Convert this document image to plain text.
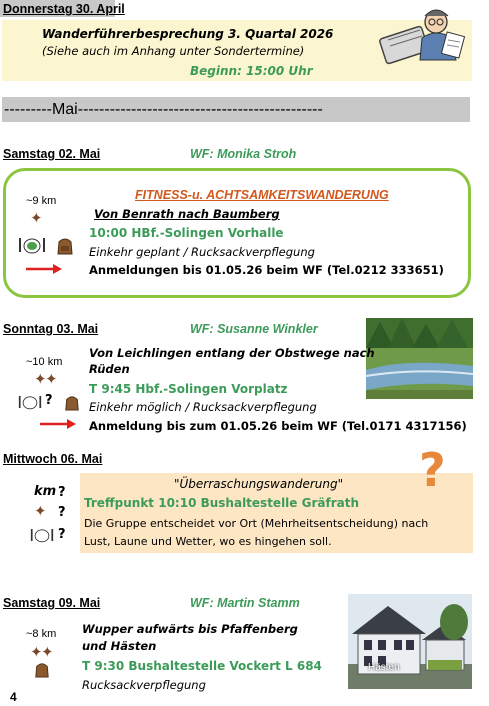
Donnerstag 30. April
Wanderführerbesprechung 3. Quartal 2026
(Siehe auch im Anhang unter Sondertermine)
Beginn: 15:00 Uhr
---------Mai----------------------------------------------
Samstag 02. Mai	WF: Monika Stroh
~9 km
✦
FITNESS-u. ACHTSAMKEITSWANDERUNG
Von Benrath nach Baumberg
10:00 HBf.-Solingen Vorhalle
Einkehr geplant / Rucksackverpflegung
Anmeldungen bis 01.05.26 beim WF (Tel.0212 333651)
Sonntag 03. Mai	WF: Susanne Winkler
~10 km
✦
✦
?
Von Leichlingen entlang der Obstwege nach
Rüden
T 9:45 Hbf.-Solingen Vorplatz
Einkehr möglich / Rucksackverpflegung
Anmeldung bis zum 01.05.26 beim WF (Tel.0171 4317156)
Mittwoch 06. Mai	?
km ?
✦ ?
?
"Überraschungswanderung"
Treffpunkt 10:10 Bushaltestelle Gräfrath
Die Gruppe entscheidet vor Ort (Mehrheitsentscheidung) nach
Lust, Laune und Wetter, wo es hingehen soll.
Samstag 09. Mai	WF: Martin Stamm
~8 km
✦
✦
Wupper aufwärts bis Pfaffenberg
und Hästen
T 9:30 Bushaltestelle Vockert L 684
Rucksackverpflegung
Hästen
4
